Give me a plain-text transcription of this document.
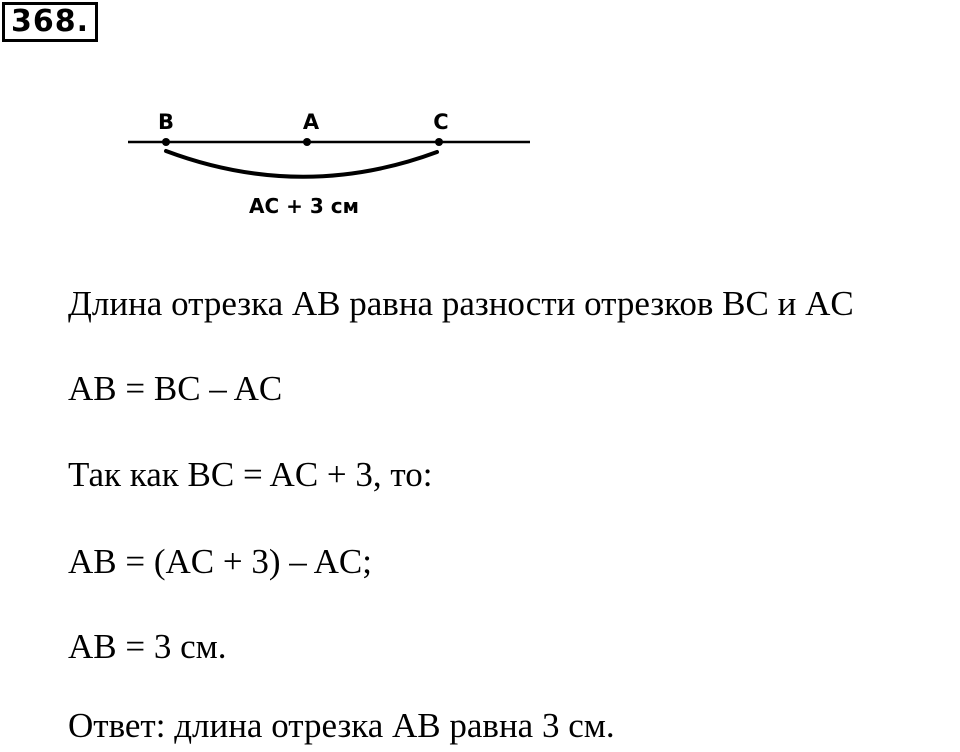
368.
B	A	C
AC + 3 см

Длина отрезка AB равна разности отрезков BC и AC

AB = BC – AC

Так как BC = AC + 3, то:

AB = (AC + 3) – AC;

AB = 3 см.

Ответ: длина отрезка AB равна 3 см.
